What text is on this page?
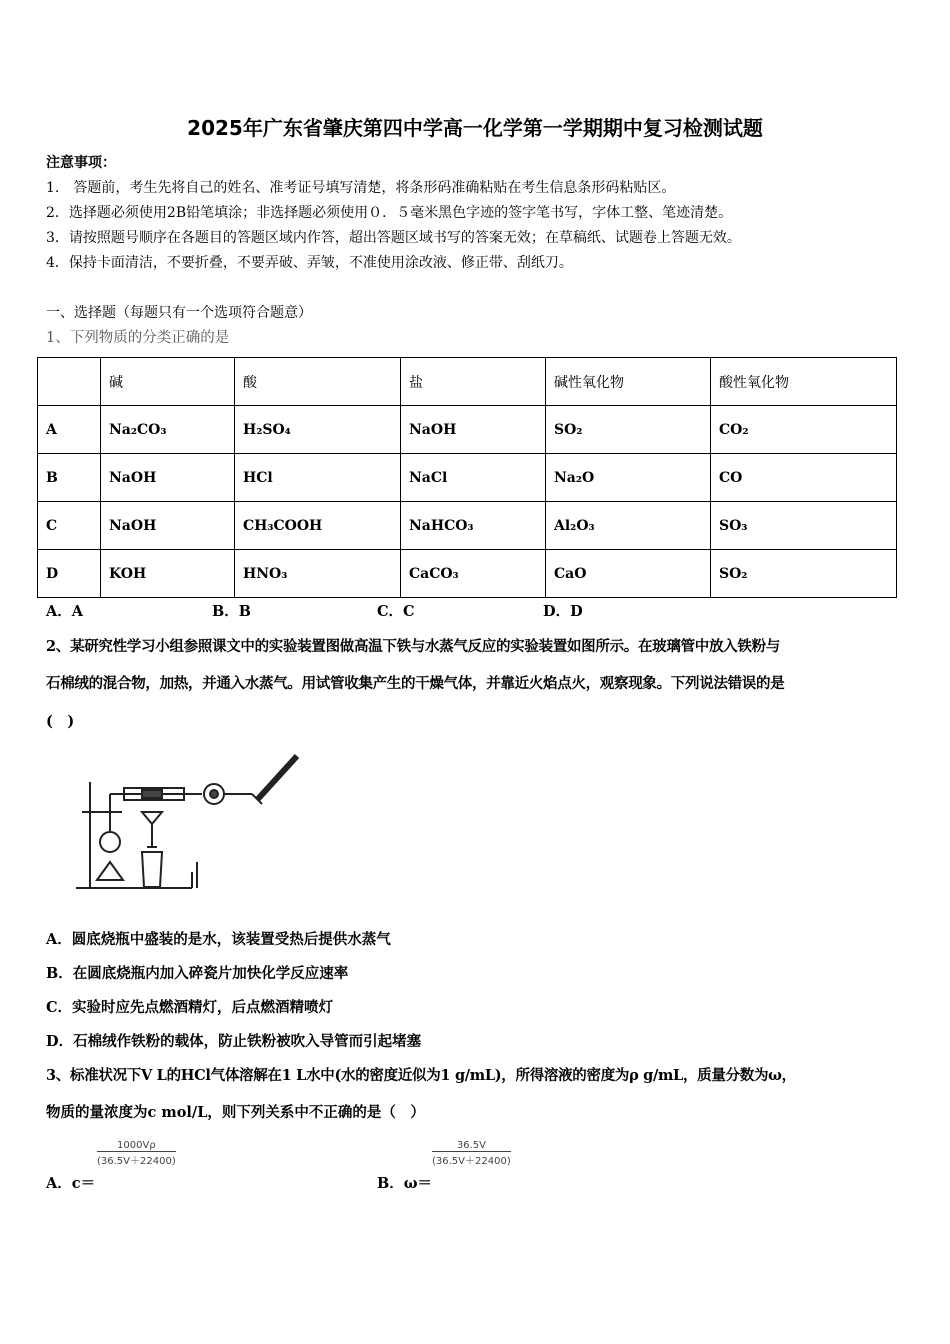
2025年广东省肇庆第四中学高一化学第一学期期中复习检测试题
注意事项：
1.　答题前，考生先将自己的姓名、准考证号填写清楚，将条形码准确粘贴在考生信息条形码粘贴区。
2．选择题必须使用2B铅笔填涂；非选择题必须使用０．５毫米黑色字迹的签字笔书写，字体工整、笔迹清楚。
3．请按照题号顺序在各题目的答题区域内作答，超出答题区域书写的答案无效；在草稿纸、试题卷上答题无效。
4．保持卡面清洁，不要折叠，不要弄破、弄皱，不准使用涂改液、修正带、刮纸刀。
一、选择题（每题只有一个选项符合题意）
1、下列物质的分类正确的是
	碱	酸	盐	碱性氧化物	酸性氧化物
A	Na₂CO₃	H₂SO₄	NaOH	SO₂	CO₂
B	NaOH	HCl	NaCl	Na₂O	CO
C	NaOH	CH₃COOH	NaHCO₃	Al₂O₃	SO₃
D	KOH	HNO₃	CaCO₃	CaO	SO₂
A．A	B．B	C．C	D．D
2、某研究性学习小组参照课文中的实验装置图做高温下铁与水蒸气反应的实验装置如图所示。在玻璃管中放入铁粉与
石棉绒的混合物，加热，并通入水蒸气。用试管收集产生的干燥气体，并靠近火焰点火，观察现象。下列说法错误的是
(　)
A．圆底烧瓶中盛装的是水，该装置受热后提供水蒸气
B．在圆底烧瓶内加入碎瓷片加快化学反应速率
C．实验时应先点燃酒精灯，后点燃酒精喷灯
D．石棉绒作铁粉的载体，防止铁粉被吹入导管而引起堵塞
3、标准状况下V L的HCl气体溶解在1 L水中(水的密度近似为1 g/mL)，所得溶液的密度为ρ g/mL，质量分数为ω，
物质的量浓度为c mol/L，则下列关系中不正确的是（　）
A．c＝
$\frac{1000V\rho}{(36.5V+22400)}$
B．ω＝
$\frac{36.5V}{(36.5V+22400)}$
